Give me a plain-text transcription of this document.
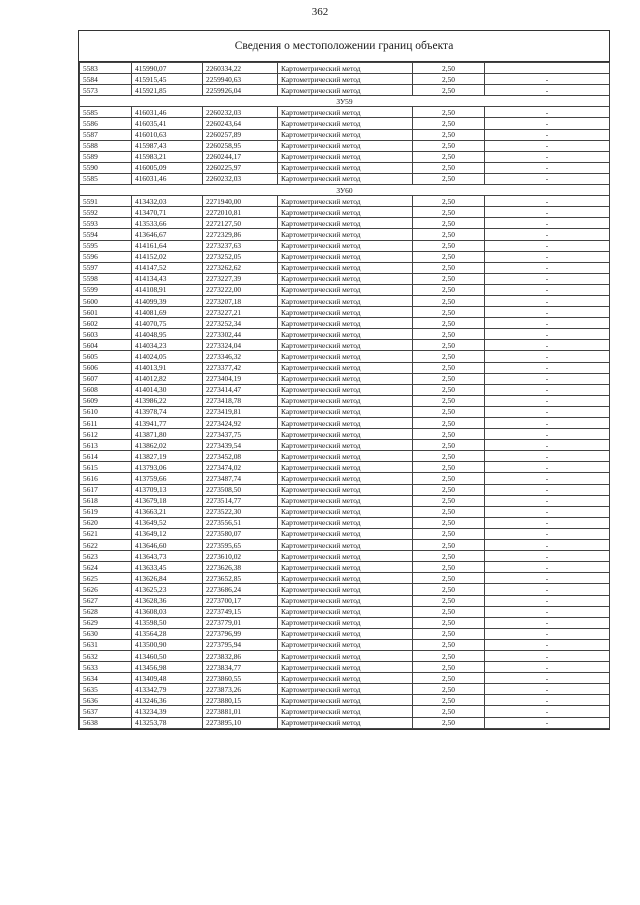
362
Сведения о местоположении границ объекта
5583	415990,07	2260334,22	Картометрический метод	2,50	
5584	415915,45	2259940,63	Картометрический метод	2,50	-
5573	415921,85	2259926,04	Картометрический метод	2,50	-
ЗУ59					
5585	416031,46	2260232,03	Картометрический метод	2,50	-
5586	416035,41	2260243,64	Картометрический метод	2,50	-
5587	416010,63	2260257,89	Картометрический метод	2,50	-
5588	415987,43	2260258,95	Картометрический метод	2,50	-
5589	415983,21	2260244,17	Картометрический метод	2,50	-
5590	416005,09	2260225,97	Картометрический метод	2,50	-
5585	416031,46	2260232,03	Картометрический метод	2,50	-
ЗУ60					
5591	413432,03	2271940,00	Картометрический метод	2,50	-
5592	413470,71	2272010,81	Картометрический метод	2,50	-
5593	413533,66	2272127,50	Картометрический метод	2,50	-
5594	413646,67	2272329,86	Картометрический метод	2,50	-
5595	414161,64	2273237,63	Картометрический метод	2,50	-
5596	414152,02	2273252,05	Картометрический метод	2,50	-
5597	414147,52	2273262,62	Картометрический метод	2,50	-
5598	414134,43	2273227,39	Картометрический метод	2,50	-
5599	414108,91	2273222,00	Картометрический метод	2,50	-
5600	414099,39	2273207,18	Картометрический метод	2,50	-
5601	414081,69	2273227,21	Картометрический метод	2,50	-
5602	414070,75	2273252,34	Картометрический метод	2,50	-
5603	414048,95	2273302,44	Картометрический метод	2,50	-
5604	414034,23	2273324,04	Картометрический метод	2,50	-
5605	414024,05	2273346,32	Картометрический метод	2,50	-
5606	414013,91	2273377,42	Картометрический метод	2,50	-
5607	414012,82	2273404,19	Картометрический метод	2,50	-
5608	414014,30	2273414,47	Картометрический метод	2,50	-
5609	413986,22	2273418,78	Картометрический метод	2,50	-
5610	413978,74	2273419,81	Картометрический метод	2,50	-
5611	413941,77	2273424,92	Картометрический метод	2,50	-
5612	413871,80	2273437,75	Картометрический метод	2,50	-
5613	413862,02	2273439,54	Картометрический метод	2,50	-
5614	413827,19	2273452,08	Картометрический метод	2,50	-
5615	413793,06	2273474,02	Картометрический метод	2,50	-
5616	413759,66	2273487,74	Картометрический метод	2,50	-
5617	413709,13	2273508,50	Картометрический метод	2,50	-
5618	413679,18	2273514,77	Картометрический метод	2,50	-
5619	413663,21	2273522,30	Картометрический метод	2,50	-
5620	413649,52	2273556,51	Картометрический метод	2,50	-
5621	413649,12	2273580,07	Картометрический метод	2,50	-
5622	413646,60	2273595,65	Картометрический метод	2,50	-
5623	413643,73	2273610,02	Картометрический метод	2,50	-
5624	413633,45	2273626,38	Картометрический метод	2,50	-
5625	413626,84	2273652,85	Картометрический метод	2,50	-
5626	413625,23	2273686,24	Картометрический метод	2,50	-
5627	413628,36	2273700,17	Картометрический метод	2,50	-
5628	413608,03	2273749,15	Картометрический метод	2,50	-
5629	413598,50	2273779,01	Картометрический метод	2,50	-
5630	413564,28	2273796,99	Картометрический метод	2,50	-
5631	413500,90	2273795,94	Картометрический метод	2,50	-
5632	413460,50	2273832,86	Картометрический метод	2,50	-
5633	413456,98	2273834,77	Картометрический метод	2,50	-
5634	413409,48	2273860,55	Картометрический метод	2,50	-
5635	413342,79	2273873,26	Картометрический метод	2,50	-
5636	413246,36	2273880,15	Картометрический метод	2,50	-
5637	413234,39	2273881,01	Картометрический метод	2,50	-
5638	413253,78	2273895,10	Картометрический метод	2,50	-
